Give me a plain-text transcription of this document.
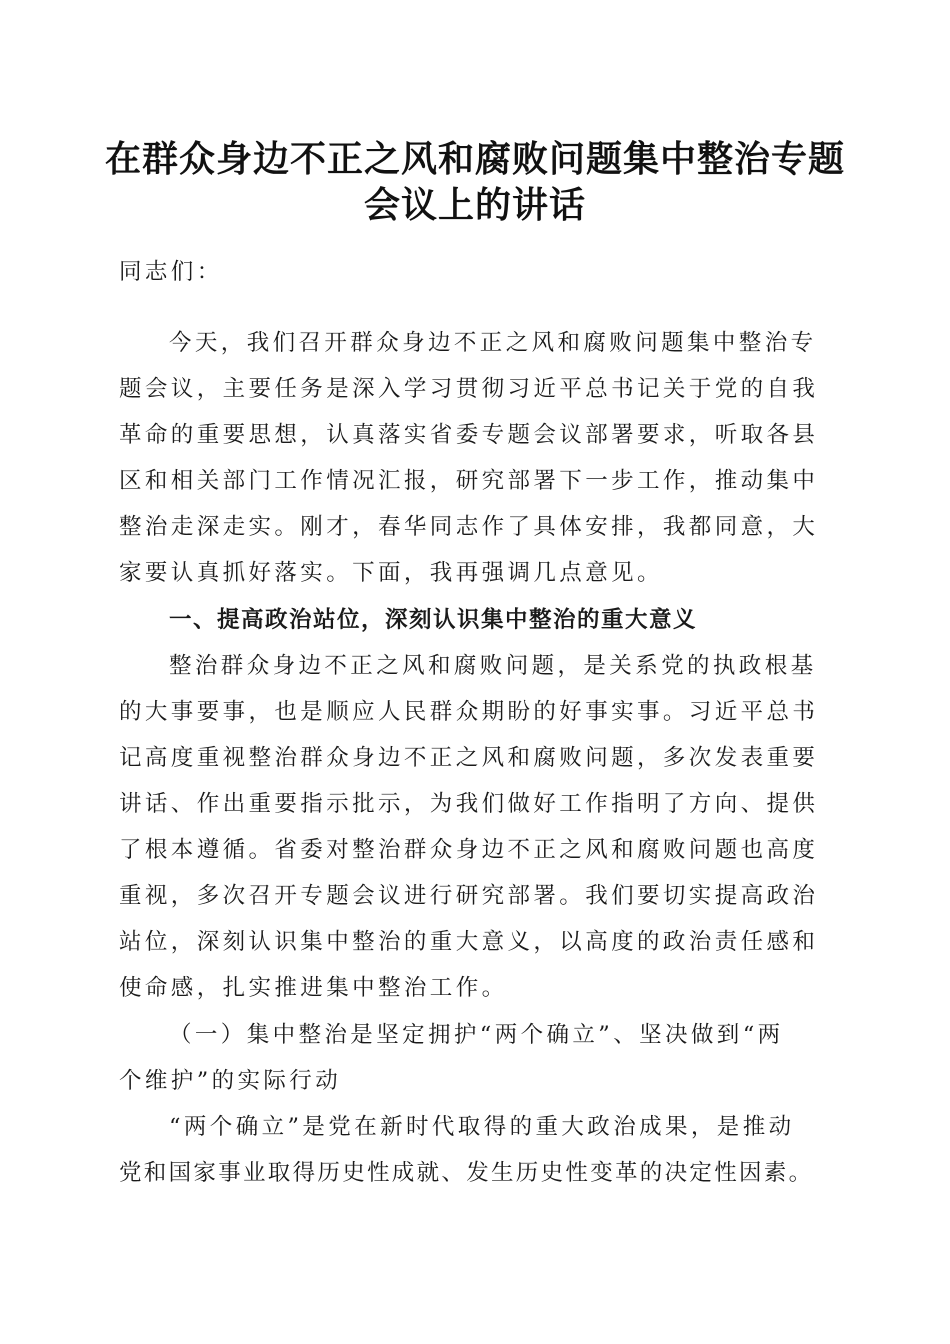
在群众身边不正之风和腐败问题集中整治专题
会议上的讲话
同志们：
今天，我们召开群众身边不正之风和腐败问题集中整治专
题会议，主要任务是深入学习贯彻习近平总书记关于党的自我
革命的重要思想，认真落实省委专题会议部署要求，听取各县
区和相关部门工作情况汇报，研究部署下一步工作，推动集中
整治走深走实。刚才，春华同志作了具体安排，我都同意，大
家要认真抓好落实。下面，我再强调几点意见。
一、提高政治站位，深刻认识集中整治的重大意义
整治群众身边不正之风和腐败问题，是关系党的执政根基
的大事要事，也是顺应人民群众期盼的好事实事。习近平总书
记高度重视整治群众身边不正之风和腐败问题，多次发表重要
讲话、作出重要指示批示，为我们做好工作指明了方向、提供
了根本遵循。省委对整治群众身边不正之风和腐败问题也高度
重视，多次召开专题会议进行研究部署。我们要切实提高政治
站位，深刻认识集中整治的重大意义，以高度的政治责任感和
使命感，扎实推进集中整治工作。
（一）集中整治是坚定拥护“两个确立”、坚决做到“两
个维护”的实际行动
“两个确立”是党在新时代取得的重大政治成果，是推动
党和国家事业取得历史性成就、发生历史性变革的决定性因素。
